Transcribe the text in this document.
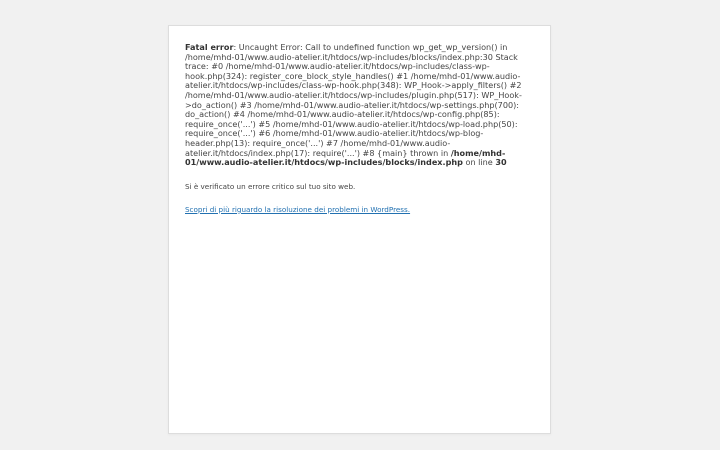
Fatal error: Uncaught Error: Call to undefined function wp_get_wp_version() in /home/mhd-01/www.audio-atelier.it/htdocs/wp-includes/blocks/index.php:30 Stack trace: #0 /home/mhd-01/www.audio-atelier.it/htdocs/wp-includes/class-wp-hook.php(324): register_core_block_style_handles() #1 /home/mhd-01/www.audio-atelier.it/htdocs/wp-includes/class-wp-hook.php(348): WP_Hook->apply_filters() #2 /home/mhd-01/www.audio-atelier.it/htdocs/wp-includes/plugin.php(517): WP_Hook->do_action() #3 /home/mhd-01/www.audio-atelier.it/htdocs/wp-settings.php(700): do_action() #4 /home/mhd-01/www.audio-atelier.it/htdocs/wp-config.php(85): require_once('...') #5 /home/mhd-01/www.audio-atelier.it/htdocs/wp-load.php(50): require_once('...') #6 /home/mhd-01/www.audio-atelier.it/htdocs/wp-blog-header.php(13): require_once('...') #7 /home/mhd-01/www.audio-atelier.it/htdocs/index.php(17): require('...') #8 {main} thrown in /home/mhd-01/www.audio-atelier.it/htdocs/wp-includes/blocks/index.php on line 30

Si è verificato un errore critico sul tuo sito web.

Scopri di più riguardo la risoluzione dei problemi in WordPress.
